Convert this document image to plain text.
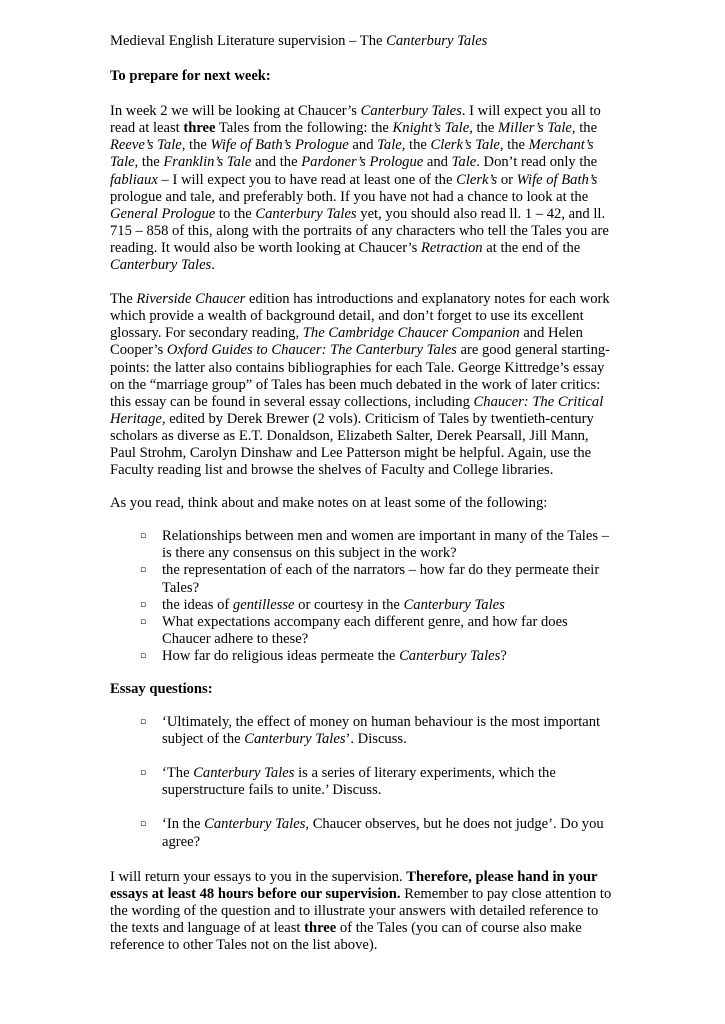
Medieval English Literature supervision – The Canterbury Tales

To prepare for next week:

In week 2 we will be looking at Chaucer’s Canterbury Tales. I will expect you all to read at least three Tales from the following: the Knight’s Tale, the Miller’s Tale, the Reeve’s Tale, the Wife of Bath’s Prologue and Tale, the Clerk’s Tale, the Merchant’s Tale, the Franklin’s Tale and the Pardoner’s Prologue and Tale. Don’t read only the fabliaux – I will expect you to have read at least one of the Clerk’s or Wife of Bath’s prologue and tale, and preferably both. If you have not had a chance to look at the General Prologue to the Canterbury Tales yet, you should also read ll. 1 – 42, and ll. 715 – 858 of this, along with the portraits of any characters who tell the Tales you are reading. It would also be worth looking at Chaucer’s Retraction at the end of the Canterbury Tales.

The Riverside Chaucer edition has introductions and explanatory notes for each work which provide a wealth of background detail, and don’t forget to use its excellent glossary. For secondary reading, The Cambridge Chaucer Companion and Helen Cooper’s Oxford Guides to Chaucer: The Canterbury Tales are good general starting-points: the latter also contains bibliographies for each Tale. George Kittredge’s essay on the “marriage group” of Tales has been much debated in the work of later critics: this essay can be found in several essay collections, including Chaucer: The Critical Heritage, edited by Derek Brewer (2 vols). Criticism of Tales by twentieth-century scholars as diverse as E.T. Donaldson, Elizabeth Salter, Derek Pearsall, Jill Mann, Paul Strohm, Carolyn Dinshaw and Lee Patterson might be helpful. Again, use the Faculty reading list and browse the shelves of Faculty and College libraries.

As you read, think about and make notes on at least some of the following:

▫ Relationships between men and women are important in many of the Tales – is there any consensus on this subject in the work?
▫ the representation of each of the narrators – how far do they permeate their Tales?
▫ the ideas of gentillesse or courtesy in the Canterbury Tales
▫ What expectations accompany each different genre, and how far does Chaucer adhere to these?
▫ How far do religious ideas permeate the Canterbury Tales?

Essay questions:

▫ ‘Ultimately, the effect of money on human behaviour is the most important subject of the Canterbury Tales’. Discuss.
▫ ‘The Canterbury Tales is a series of literary experiments, which the superstructure fails to unite.’ Discuss.
▫ ‘In the Canterbury Tales, Chaucer observes, but he does not judge’. Do you agree?

I will return your essays to you in the supervision. Therefore, please hand in your essays at least 48 hours before our supervision. Remember to pay close attention to the wording of the question and to illustrate your answers with detailed reference to the texts and language of at least three of the Tales (you can of course also make reference to other Tales not on the list above).
